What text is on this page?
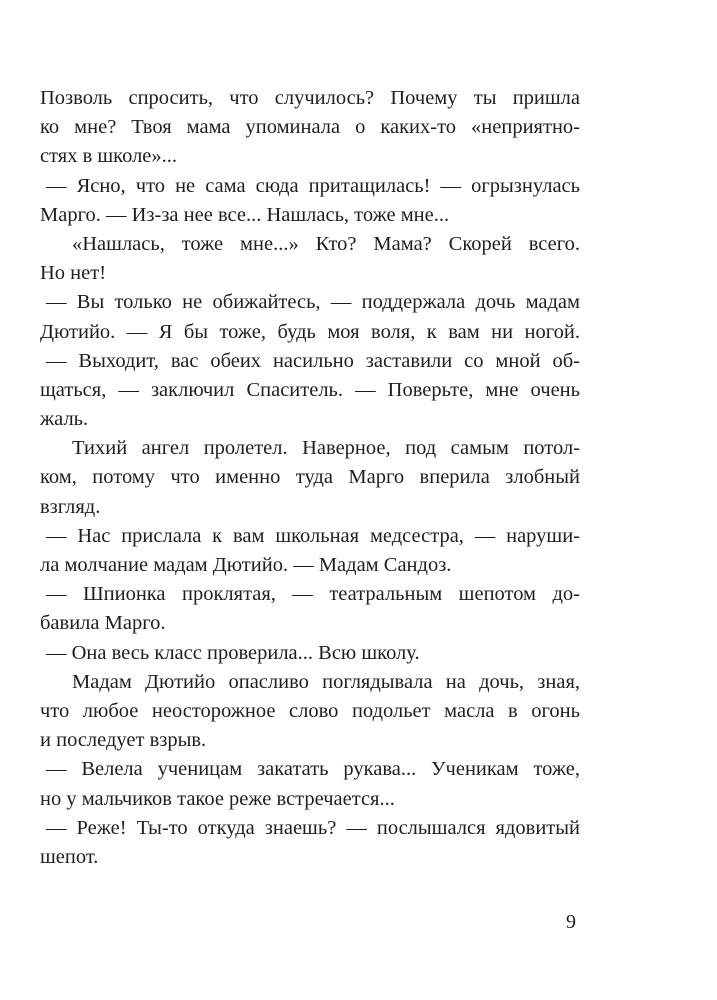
Позволь спросить, что случилось? Почему ты пришла
ко мне? Твоя мама упоминала о каких-то «неприятно-
стях в школе»...
— Ясно, что не сама сюда притащилась! — огрызнулась
Марго. — Из-за нее все... Нашлась, тоже мне...
«Нашлась, тоже мне...» Кто? Мама? Скорей всего.
Но нет!
— Вы только не обижайтесь, — поддержала дочь мадам
Дютийо. — Я бы тоже, будь моя воля, к вам ни ногой.
— Выходит, вас обеих насильно заставили со мной об-
щаться, — заключил Спаситель. — Поверьте, мне очень
жаль.
Тихий ангел пролетел. Наверное, под самым потол-
ком, потому что именно туда Марго вперила злобный
взгляд.
— Нас прислала к вам школьная медсестра, — наруши-
ла молчание мадам Дютийо. — Мадам Сандоз.
— Шпионка проклятая, — театральным шепотом до-
бавила Марго.
— Она весь класс проверила... Всю школу.
Мадам Дютийо опасливо поглядывала на дочь, зная,
что любое неосторожное слово подольет масла в огонь
и последует взрыв.
— Велела ученицам закатать рукава... Ученикам тоже,
но у мальчиков такое реже встречается...
— Реже! Ты-то откуда знаешь? — послышался ядовитый
шепот.
9
